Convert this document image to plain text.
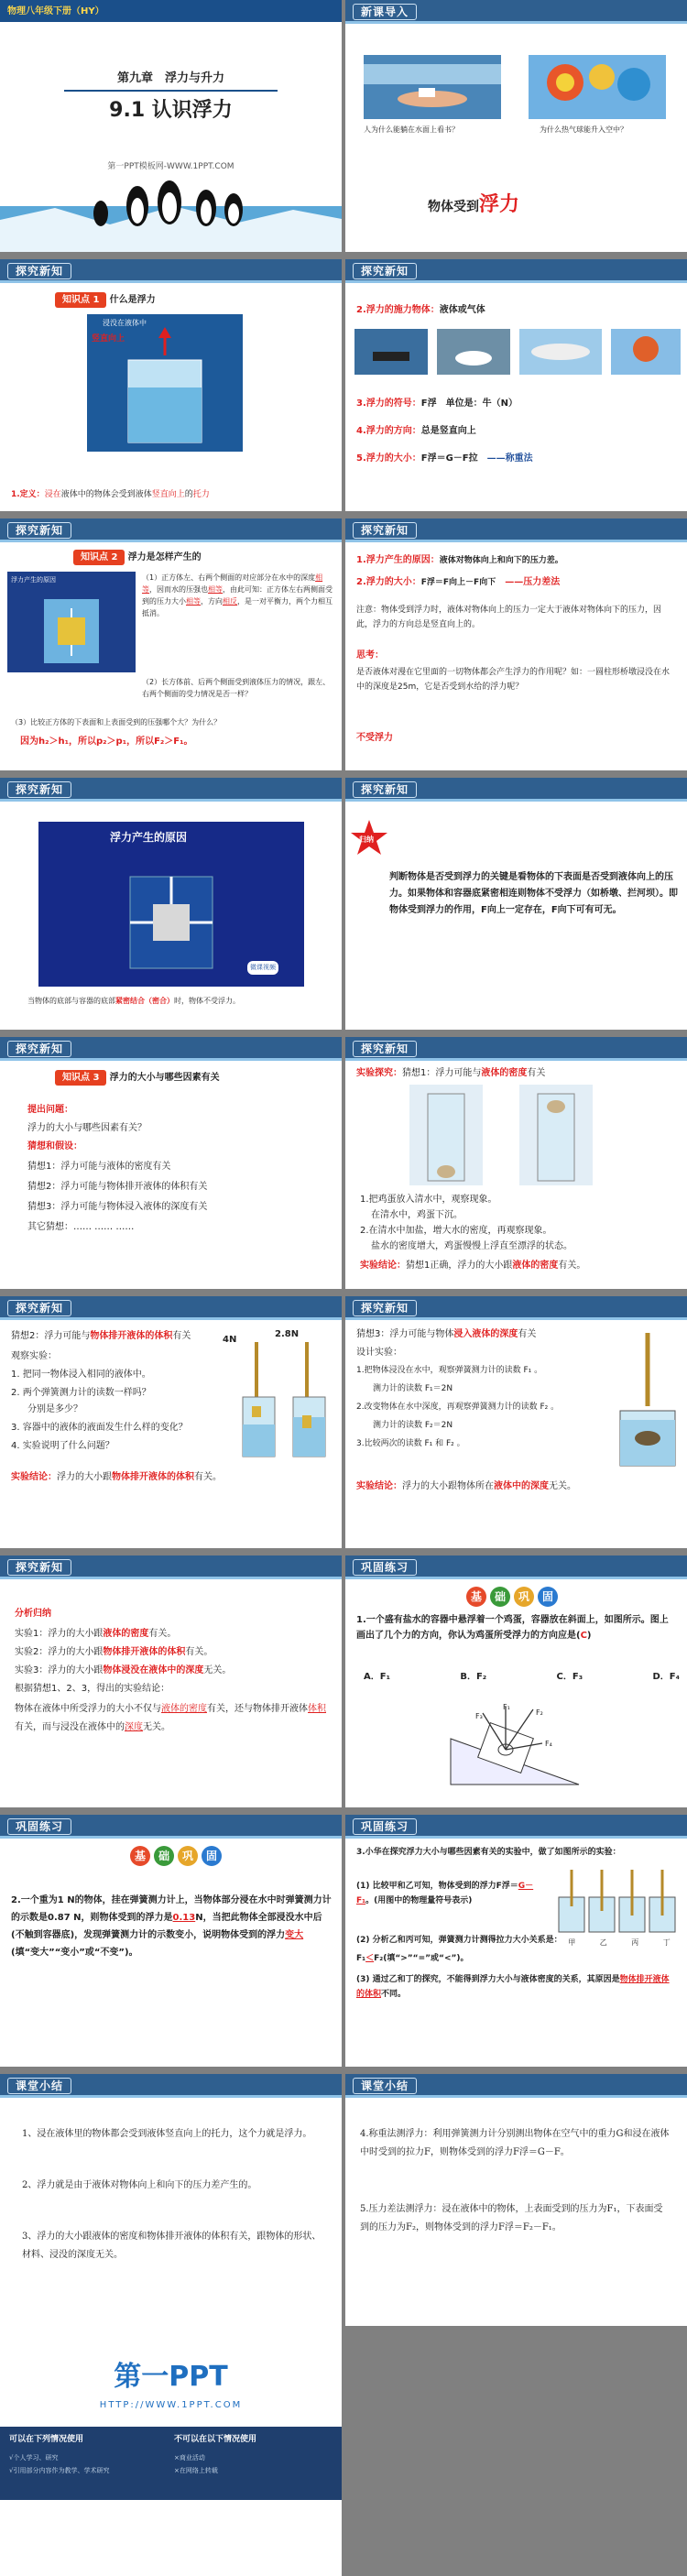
物理八年级下册（HY）
第九章　浮力与升力
9.1 认识浮力
第一PPT模板网-WWW.1PPT.COM
新课导入
人为什么能躺在水面上看书？	为什么热气球能升入空中？
物体受到浮力
探究新知
知识点 1 什么是浮力
浸没在液体中
竖直向上
1.定义：浸在液体中的物体会受到液体竖直向上的托力
探究新知
2.浮力的施力物体：液体或气体
3.浮力的符号：F浮　单位是：牛（N）
4.浮力的方向：总是竖直向上
5.浮力的大小：F浮＝G－F拉　 ——称重法
探究新知
知识点 2 浮力是怎样产生的
浮力产生的原因	（1）正方体左、右两个侧面的对应部分在水中的深度相等，因而水的压强也相等，由此可知：正方体左右两侧面受到的压力大小相等，方向相反，是一对平衡力，两个力相互抵消。
（2）长方体前、后两个侧面受到液体压力的情况，跟左、右两个侧面的受力情况是否一样？
（3）比较正方体的下表面和上表面受到的压强哪个大？为什么？
因为h₂＞h₁，所以p₂＞p₁，所以F₂＞F₁。
探究新知
1.浮力产生的原因：液体对物体向上和向下的压力差。
2.浮力的大小：F浮＝F向上－F向下　 ——压力差法
注意：物体受到浮力时，液体对物体向上的压力一定大于液体对物体向下的压力，因此，浮力的方向总是竖直向上的。
思考：
是否液体对漫在它里面的一切物体都会产生浮力的作用呢？如：一圆柱形桥墩浸没在水中的深度是25m，它是否受到水给的浮力呢？
不受浮力
探究新知
浮力产生的原因
微课视频
当物体的底部与容器的底部紧密结合（密合）时，物体不受浮力。
探究新知
归纳
判断物体是否受到浮力的关键是看物体的下表面是否受到液体向上的压力。如果物体和容器底紧密相连则物体不受浮力（如桥墩、拦河坝）。即物体受到浮力的作用，F向上一定存在，F向下可有可无。
探究新知
知识点 3 浮力的大小与哪些因素有关
提出问题：
浮力的大小与哪些因素有关？
猜想和假设：
猜想1：浮力可能与液体的密度有关
猜想2：浮力可能与物体排开液体的体积有关
猜想3：浮力可能与物体浸入液体的深度有关
其它猜想：…… …… ……
探究新知
实验探究：猜想1：浮力可能与液体的密度有关
1.把鸡蛋放入清水中，观察现象。
在清水中，鸡蛋下沉。
2.在清水中加盐，增大水的密度，再观察现象。
盐水的密度增大，鸡蛋慢慢上浮直至漂浮的状态。
实验结论：猜想1正确，浮力的大小跟液体的密度有关。
探究新知
猜想2：浮力可能与物体排开液体的体积有关
观察实验：
1. 把同一物体浸入相同的液体中。
2. 两个弹簧测力计的读数一样吗？
分别是多少？
3. 容器中的液体的液面发生什么样的变化？
4. 实验说明了什么问题？
4N
2.8N
实验结论：浮力的大小跟物体排开液体的体积有关。
探究新知
猜想3：浮力可能与物体浸入液体的深度有关
设计实验：
1.把物体浸没在水中，观察弹簧测力计的读数 F₁ 。
测力计的读数 F₁＝2N
2.改变物体在水中深度，再观察弹簧测力计的读数 F₂ 。
测力计的读数 F₂＝2N
3.比较两次的读数 F₁ 和 F₂ 。
实验结论：浮力的大小跟物体所在液体中的深度无关。
探究新知
分析归纳
实验1：浮力的大小跟液体的密度有关。
实验2：浮力的大小跟物体排开液体的体积有关。
实验3：浮力的大小跟物体浸没在液体中的深度无关。
根据猜想1、2、3，得出的实验结论：
物体在液体中所受浮力的大小不仅与液体的密度有关，还与物体排开液体体积有关，而与浸没在液体中的深度无关。
巩固练习
基 础 巩 固
1.一个盛有盐水的容器中悬浮着一个鸡蛋，容器放在斜面上，如图所示。图上画出了几个力的方向，你认为鸡蛋所受浮力的方向应是(C)
A．F₁	B．F₂	C．F₃	D．F₄
F₁
F₂
F₃
F₄
巩固练习
基 础 巩 固
2.一个重为1 N的物体，挂在弹簧测力计上，当物体部分浸在水中时弹簧测力计的示数是0.87 N，则物体受到的浮力是0.13N，当把此物体全部浸没水中后(不触到容器底)，发现弹簧测力计的示数变小，说明物体受到的浮力变大(填“变大”“变小”或“不变”)。
巩固练习
3.小华在探究浮力大小与哪些因素有关的实验中，做了如图所示的实验：
(1) 比较甲和乙可知，物体受到的浮力F浮＝G－F₁。(用图中的物理量符号表示)
(2) 分析乙和丙可知，弹簧测力计测得拉力大小关系是：
F₁＜F₂(填“>”“=”或“<”)。
(3) 通过乙和丁的探究，不能得到浮力大小与液体密度的关系，其原因是物体排开液体的体积不同。
甲	乙	丙	丁
课堂小结
1、浸在液体里的物体都会受到液体竖直向上的托力，这个力就是浮力。
2、浮力就是由于液体对物体向上和向下的压力差产生的。
3、浮力的大小跟液体的密度和物体排开液体的体积有关，跟物体的形状、材料、浸没的深度无关。
课堂小结
4.称重法测浮力：利用弹簧测力计分别测出物体在空气中的重力G和浸在液体中时受到的拉力F，则物体受到的浮力F浮＝G－F。
5.压力差法测浮力：浸在液体中的物体，上表面受到的压力为F₁，下表面受到的压力为F₂，则物体受到的浮力F浮＝F₂－F₁。
第一PPT
HTTP://WWW.1PPT.COM
可以在下列情况使用	不可以在以下情况使用
√个人学习、研究
√引用部分内容作为教学、学术研究
×商业活动
×在网络上转载
